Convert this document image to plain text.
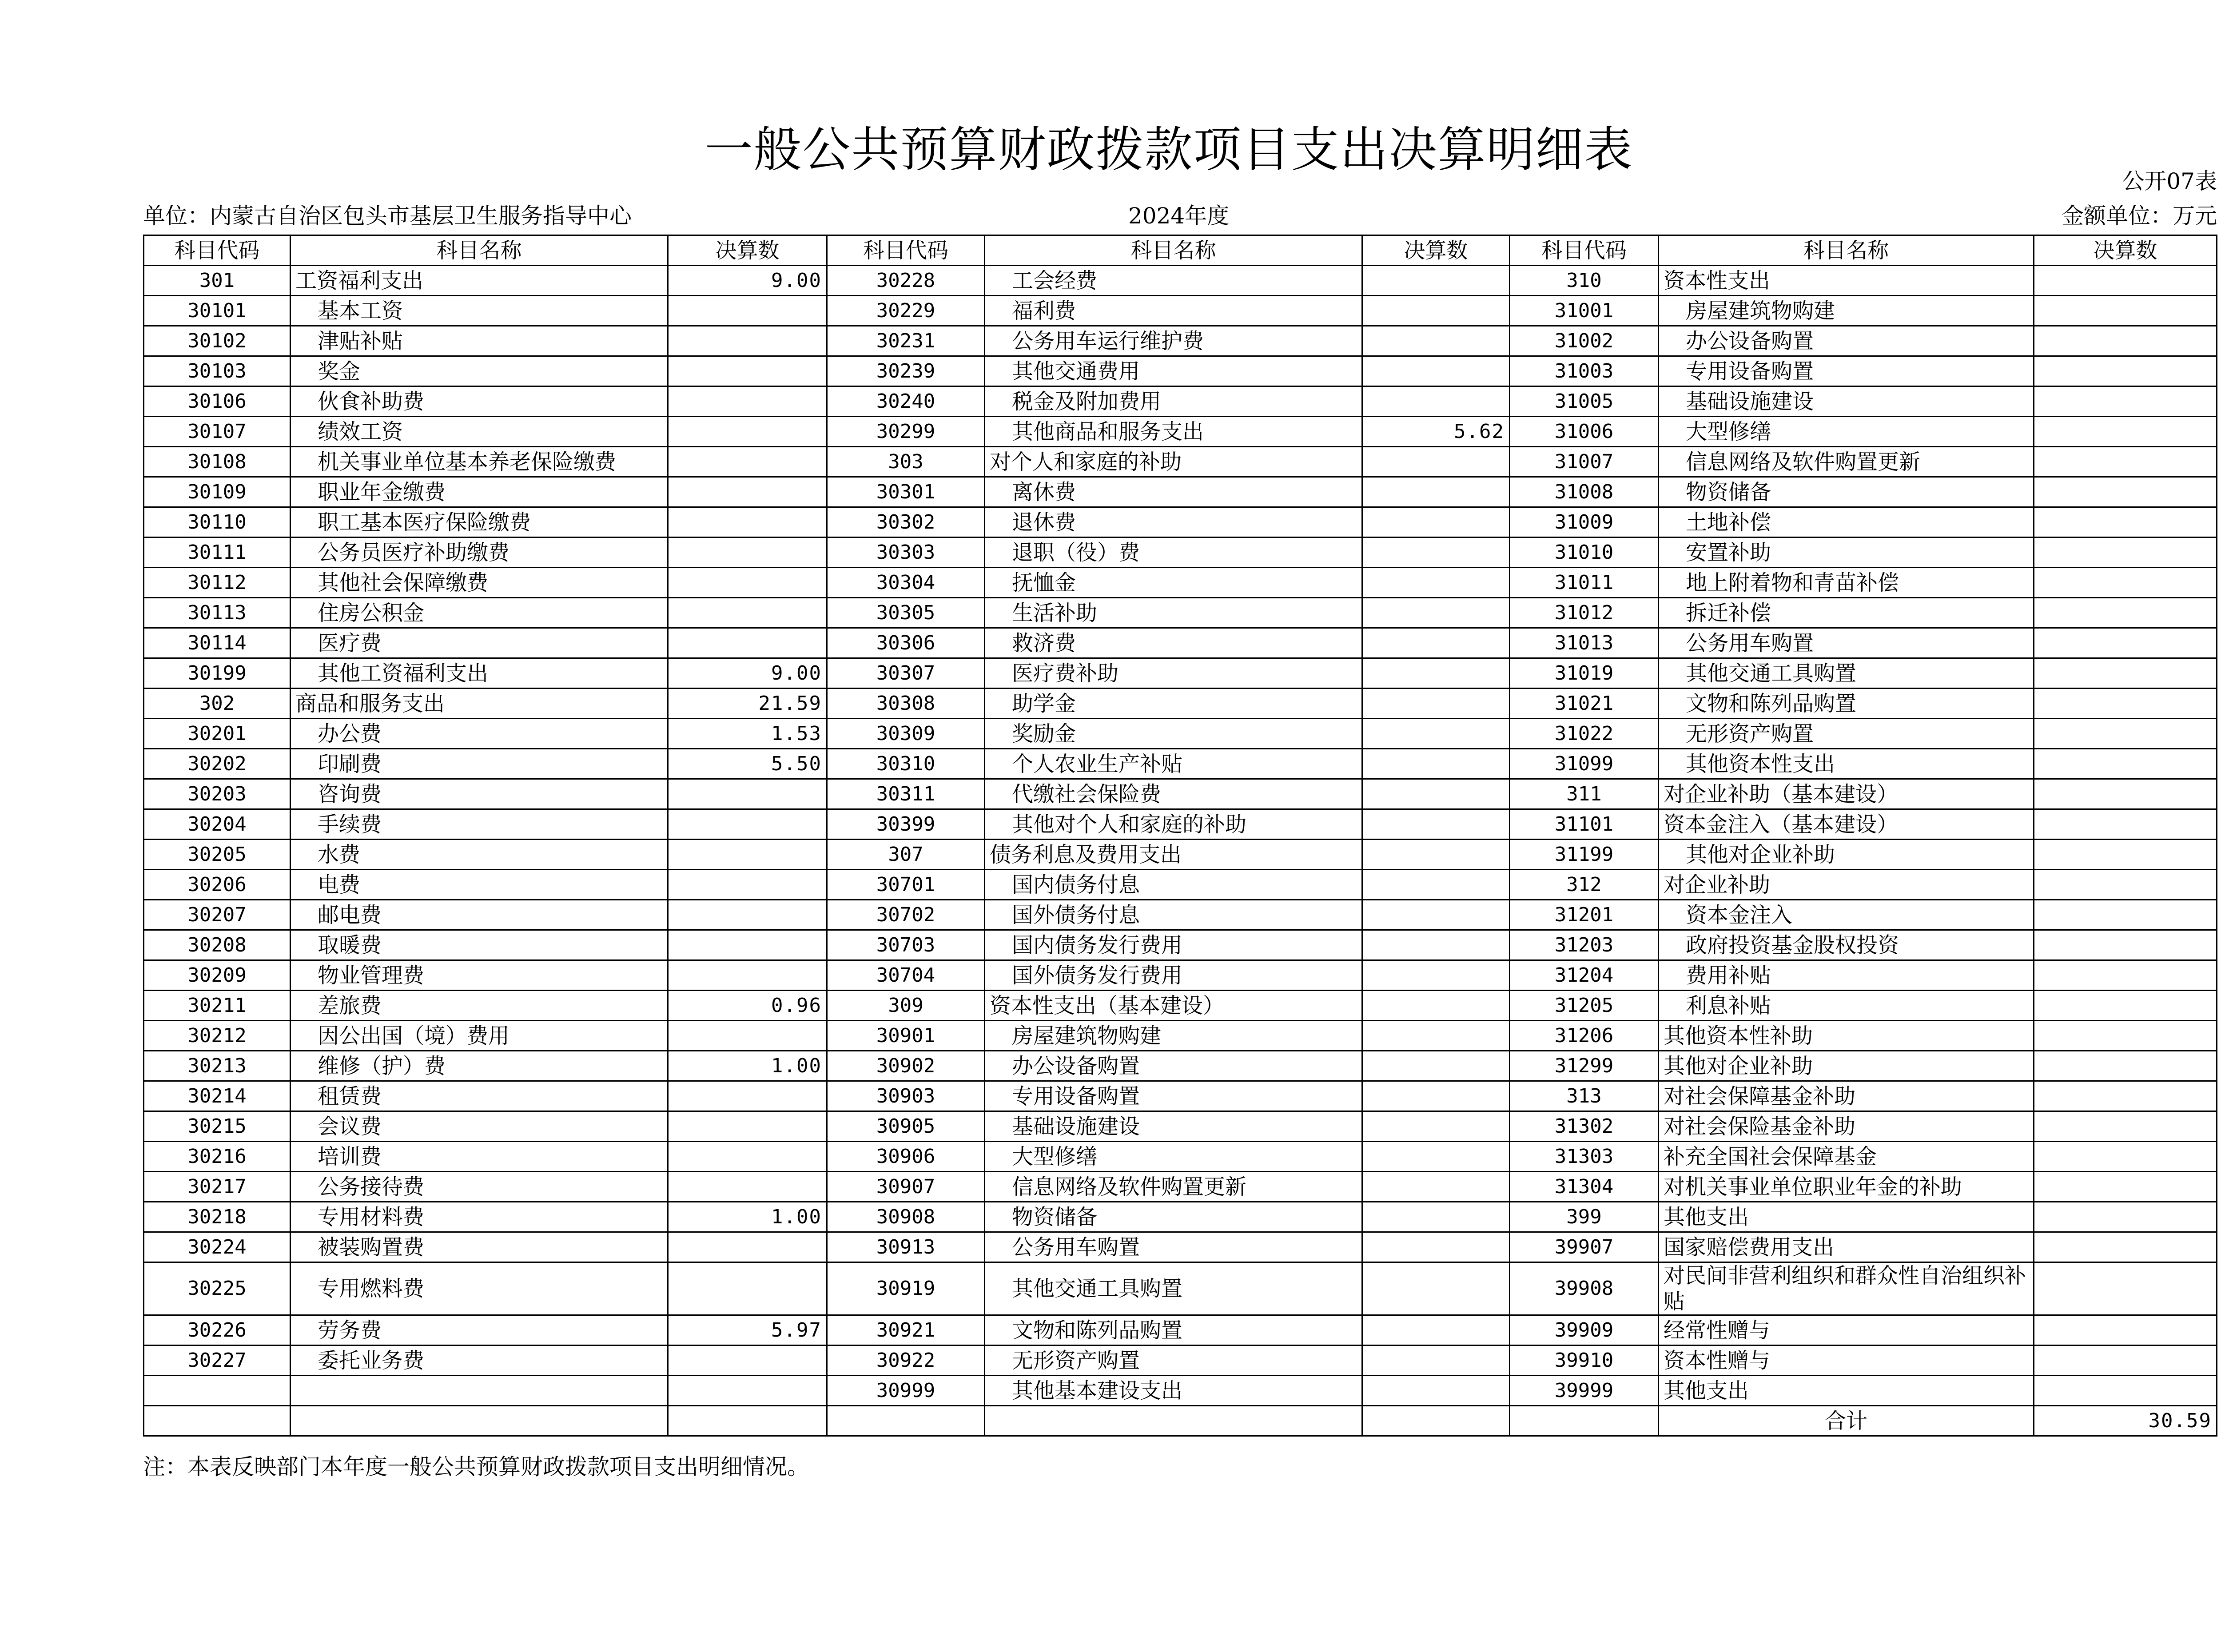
一般公共预算财政拨款项目支出决算明细表
公开07表
单位：内蒙古自治区包头市基层卫生服务指导中心	2024年度	金额单位：万元
科目代码	科目名称	决算数	科目代码	科目名称	决算数	科目代码	科目名称	决算数
301	工资福利支出	9.00	30228	工会经费		310	资本性支出	
30101	基本工资		30229	福利费		31001	房屋建筑物购建	
30102	津贴补贴		30231	公务用车运行维护费		31002	办公设备购置	
30103	奖金		30239	其他交通费用		31003	专用设备购置	
30106	伙食补助费		30240	税金及附加费用		31005	基础设施建设	
30107	绩效工资		30299	其他商品和服务支出	5.62	31006	大型修缮	
30108	机关事业单位基本养老保险缴费		303	对个人和家庭的补助		31007	信息网络及软件购置更新	
30109	职业年金缴费		30301	离休费		31008	物资储备	
30110	职工基本医疗保险缴费		30302	退休费		31009	土地补偿	
30111	公务员医疗补助缴费		30303	退职（役）费		31010	安置补助	
30112	其他社会保障缴费		30304	抚恤金		31011	地上附着物和青苗补偿	
30113	住房公积金		30305	生活补助		31012	拆迁补偿	
30114	医疗费		30306	救济费		31013	公务用车购置	
30199	其他工资福利支出	9.00	30307	医疗费补助		31019	其他交通工具购置	
302	商品和服务支出	21.59	30308	助学金		31021	文物和陈列品购置	
30201	办公费	1.53	30309	奖励金		31022	无形资产购置	
30202	印刷费	5.50	30310	个人农业生产补贴		31099	其他资本性支出	
30203	咨询费		30311	代缴社会保险费		311	对企业补助（基本建设）	
30204	手续费		30399	其他对个人和家庭的补助		31101	资本金注入（基本建设）	
30205	水费		307	债务利息及费用支出		31199	其他对企业补助	
30206	电费		30701	国内债务付息		312	对企业补助	
30207	邮电费		30702	国外债务付息		31201	资本金注入	
30208	取暖费		30703	国内债务发行费用		31203	政府投资基金股权投资	
30209	物业管理费		30704	国外债务发行费用		31204	费用补贴	
30211	差旅费	0.96	309	资本性支出（基本建设）		31205	利息补贴	
30212	因公出国（境）费用		30901	房屋建筑物购建		31206	其他资本性补助	
30213	维修（护）费	1.00	30902	办公设备购置		31299	其他对企业补助	
30214	租赁费		30903	专用设备购置		313	对社会保障基金补助	
30215	会议费		30905	基础设施建设		31302	对社会保险基金补助	
30216	培训费		30906	大型修缮		31303	补充全国社会保障基金	
30217	公务接待费		30907	信息网络及软件购置更新		31304	对机关事业单位职业年金的补助	
30218	专用材料费	1.00	30908	物资储备		399	其他支出	
30224	被装购置费		30913	公务用车购置		39907	国家赔偿费用支出	
30225	专用燃料费		30919	其他交通工具购置		39908	对民间非营利组织和群众性自治组织补贴	
30226	劳务费	5.97	30921	文物和陈列品购置		39909	经常性赠与	
30227	委托业务费		30922	无形资产购置		39910	资本性赠与	
			30999	其他基本建设支出		39999	其他支出	
							合计	30.59
注：本表反映部门本年度一般公共预算财政拨款项目支出明细情况。
